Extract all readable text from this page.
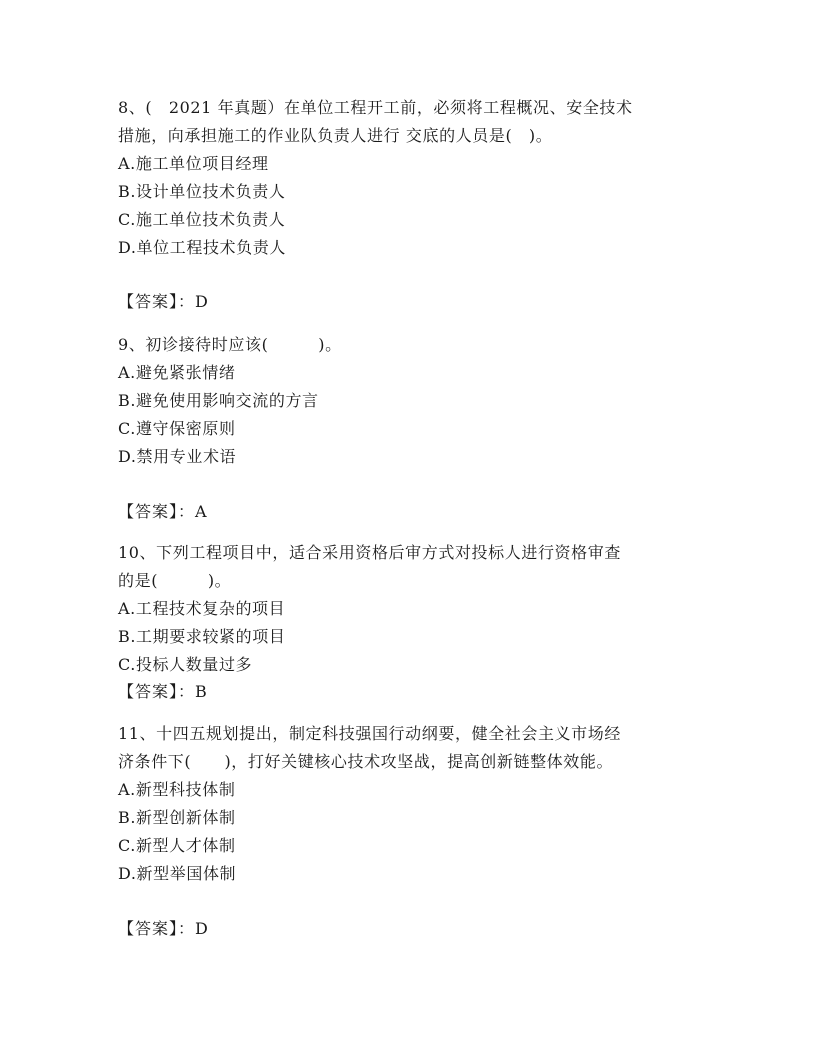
8、(　2021 年真题）在单位工程开工前，必须将工程概况、安全技术
措施，向承担施工的作业队负责人进行 交底的人员是(　)。
A.施工单位项目经理
B.设计单位技术负责人
C.施工单位技术负责人
D.单位工程技术负责人
【答案】：D
9、初诊接待时应该(　　　)。
A.避免紧张情绪
B.避免使用影响交流的方言
C.遵守保密原则
D.禁用专业术语
【答案】：A
10、下列工程项目中，适合采用资格后审方式对投标人进行资格审查
的是(　　　)。
A.工程技术复杂的项目
B.工期要求较紧的项目
C.投标人数量过多
【答案】：B
11、十四五规划提出，制定科技强国行动纲要，健全社会主义市场经
济条件下(　　)，打好关键核心技术攻坚战，提高创新链整体效能。
A.新型科技体制
B.新型创新体制
C.新型人才体制
D.新型举国体制
【答案】：D
